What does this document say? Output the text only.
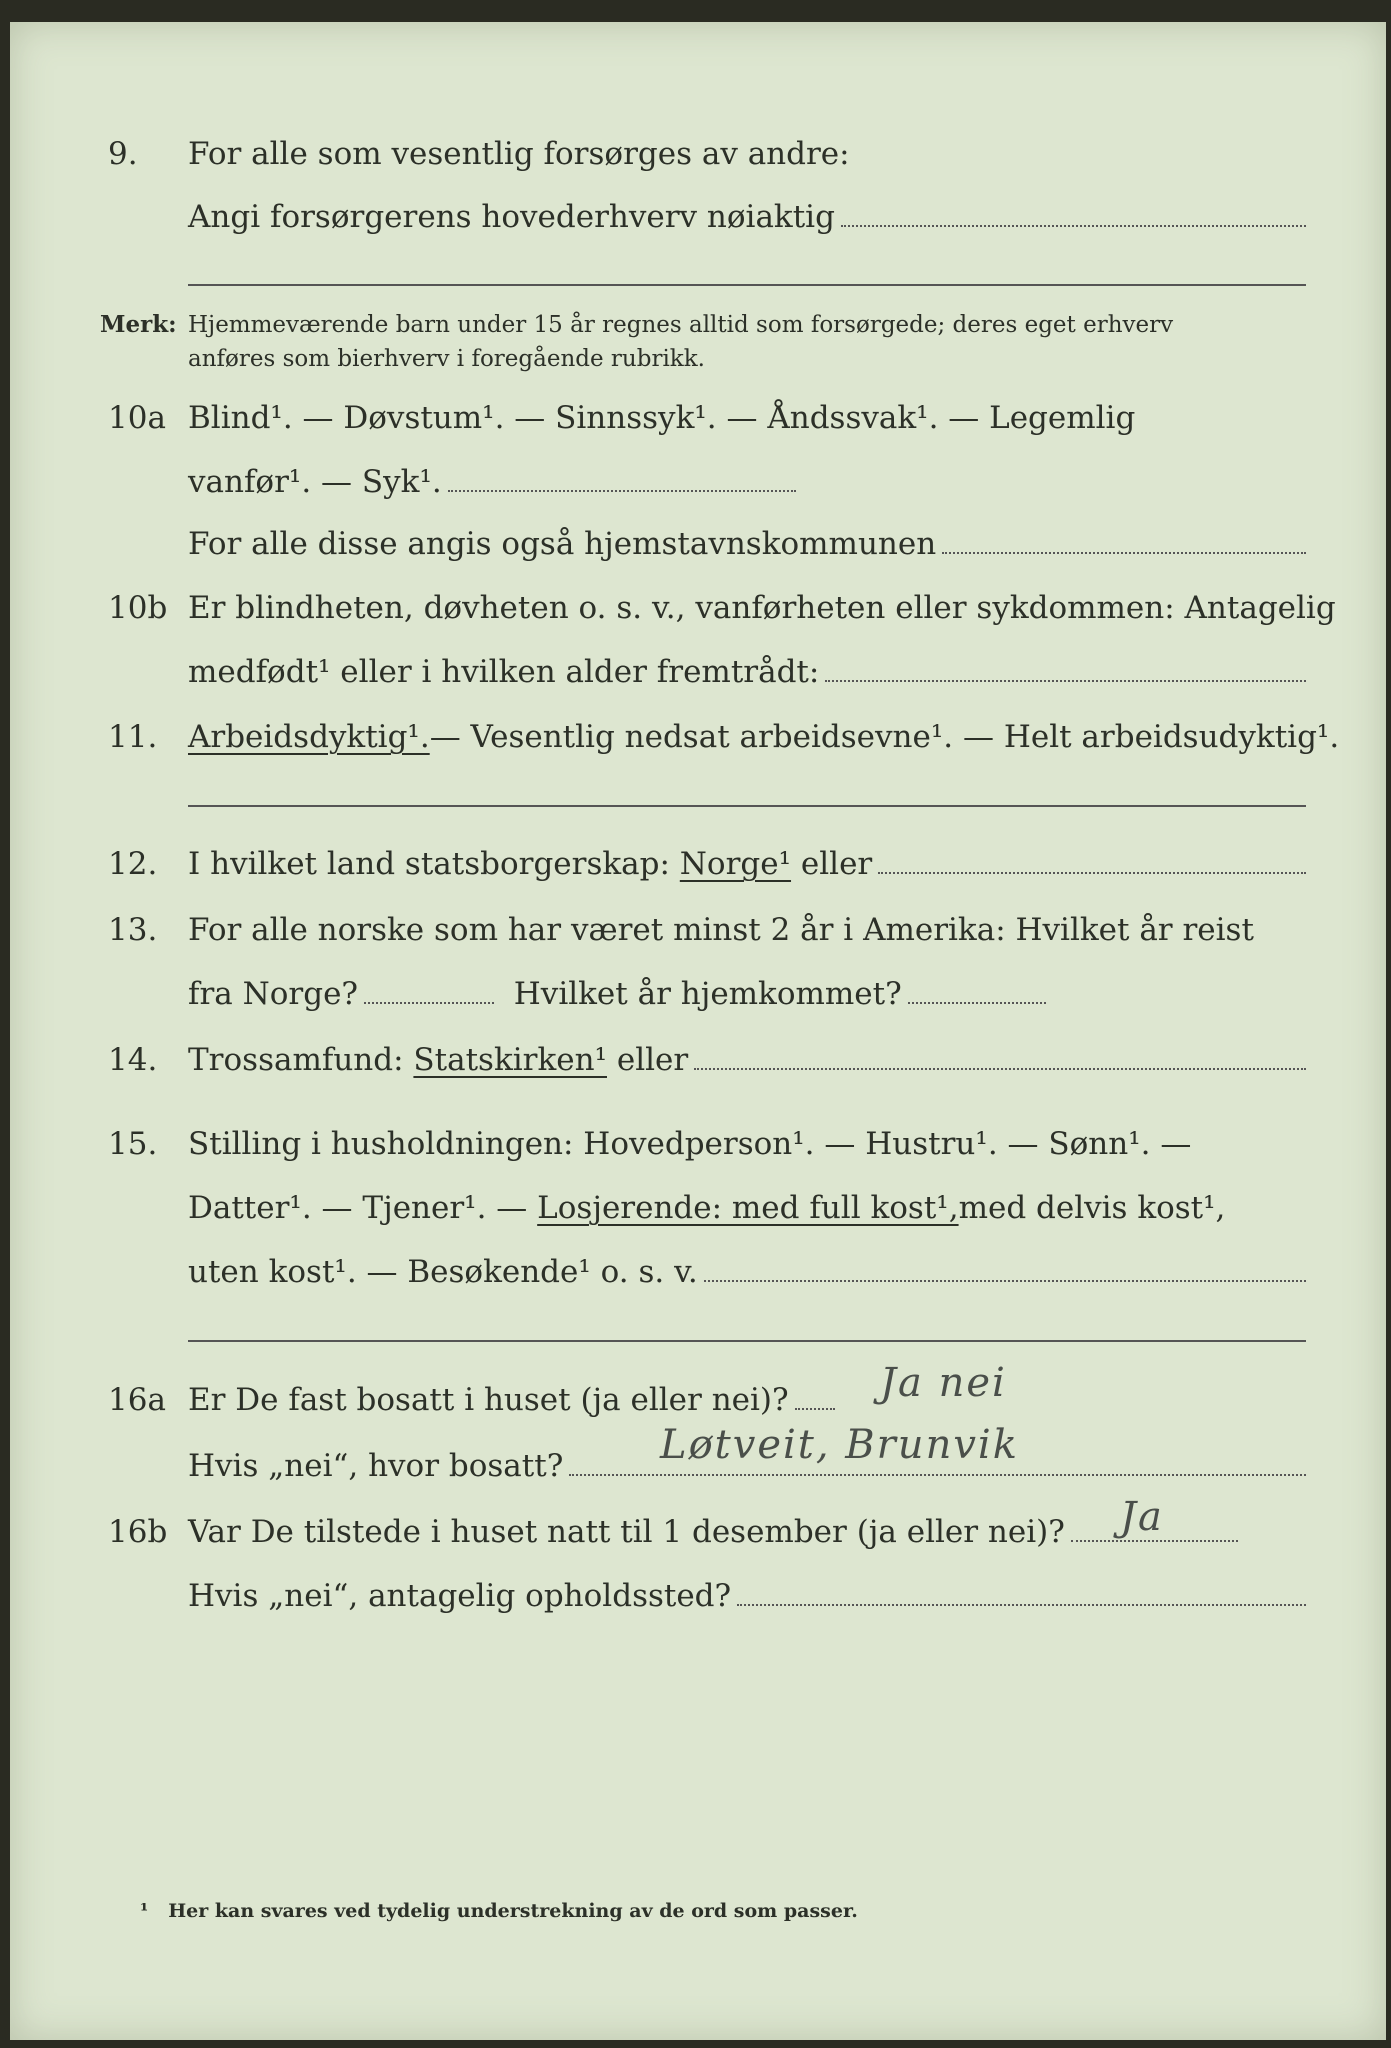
9. For alle som vesentlig forsørges av andre:
Angi forsørgerens hovederhverv nøiaktig
Merk: Hjemmeværende barn under 15 år regnes alltid som forsørgede; deres eget erhverv
anføres som bierhverv i foregående rubrikk.
10a Blind¹. — Døvstum¹. — Sinnssyk¹. — Åndssvak¹. — Legemlig
vanfør¹. — Syk¹.
For alle disse angis også hjemstavnskommunen
10b Er blindheten, døvheten o. s. v., vanførheten eller sykdommen: Antagelig
medfødt¹ eller i hvilken alder fremtrådt:
11. Arbeidsdyktig¹. — Vesentlig nedsat arbeidsevne¹. — Helt arbeidsudyktig¹.
12. I hvilket land statsborgerskap:
Norge¹
eller
13. For alle norske som har været minst 2 år i Amerika: Hvilket år reist
fra Norge?
	Hvilket år hjemkommet?
14. Trossamfund:
Statskirken¹
eller
15. Stilling i husholdningen: Hovedperson¹. — Hustru¹. — Sønn¹. —
Datter¹. — Tjener¹. —
Losjerende: med full kost¹, med delvis kost¹,
uten kost¹. — Besøkende¹ o. s. v.
16a Er De fast bosatt i huset (ja eller nei)? Ja nei
Hvis „nei“, hvor bosatt? Løtveit, Brunvik
16b Var De tilstede i huset natt til 1 desember (ja eller nei)? Ja
Hvis „nei“, antagelig opholdssted?
¹ Her kan svares ved tydelig understrekning av de ord som passer.
